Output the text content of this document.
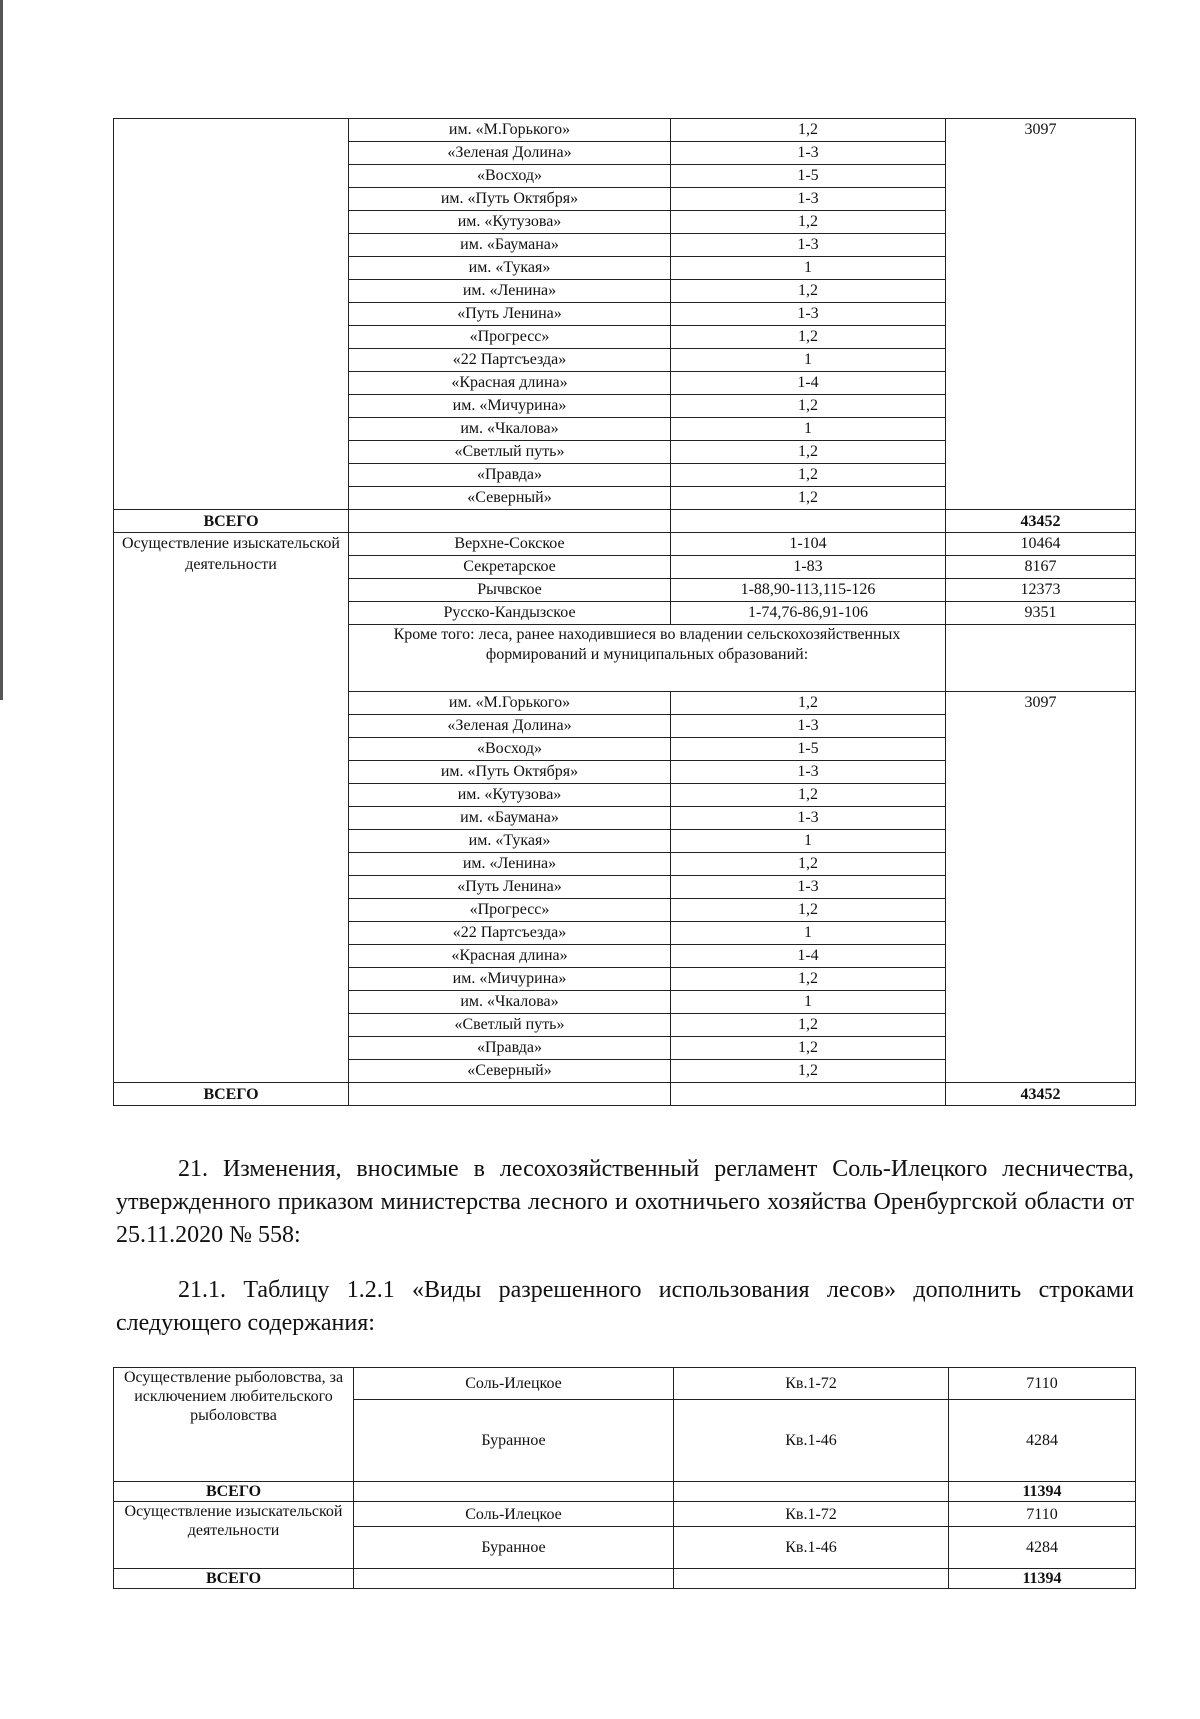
	им. «М.Горького»	1,2	3097
	«Зеленая Долина»	1-3	
	«Восход»	1-5	
	им. «Путь Октября»	1-3	
	им. «Кутузова»	1,2	
	им. «Баумана»	1-3	
	им. «Тукая»	1	
	им. «Ленина»	1,2	
	«Путь Ленина»	1-3	
	«Прогресс»	1,2	
	«22 Партсъезда»	1	
	«Красная длина»	1-4	
	им. «Мичурина»	1,2	
	им. «Чкалова»	1	
	«Светлый путь»	1,2	
	«Правда»	1,2	
	«Северный»	1,2	
ВСЕГО			43452
Осуществление изыскательской деятельности	Верхне-Сокское	1-104	10464
	Секретарское	1-83	8167
	Рычвское	1-88,90-113,115-126	12373
	Русско-Кандызское	1-74,76-86,91-106	9351
	Кроме того: леса, ранее находившиеся во владении сельскохозяйственных формирований и муниципальных образований:		
	им. «М.Горького»	1,2	3097
	«Зеленая Долина»	1-3	
	«Восход»	1-5	
	им. «Путь Октября»	1-3	
	им. «Кутузова»	1,2	
	им. «Баумана»	1-3	
	им. «Тукая»	1	
	им. «Ленина»	1,2	
	«Путь Ленина»	1-3	
	«Прогресс»	1,2	
	«22 Партсъезда»	1	
	«Красная длина»	1-4	
	им. «Мичурина»	1,2	
	им. «Чкалова»	1	
	«Светлый путь»	1,2	
	«Правда»	1,2	
	«Северный»	1,2	
ВСЕГО			43452

21. Изменения, вносимые в лесохозяйственный регламент Соль-Илецкого лесничества, утвержденного приказом министерства лесного и охотничьего хозяйства Оренбургской области от 25.11.2020 № 558:

21.1. Таблицу 1.2.1 «Виды разрешенного использования лесов» дополнить строками следующего содержания:

Осуществление рыболовства, за исключением любительского рыболовства	Соль-Илецкое	Кв.1-72	7110
	Буранное	Кв.1-46	4284
ВСЕГО			11394
Осуществление изыскательской деятельности	Соль-Илецкое	Кв.1-72	7110
	Буранное	Кв.1-46	4284
ВСЕГО			11394
